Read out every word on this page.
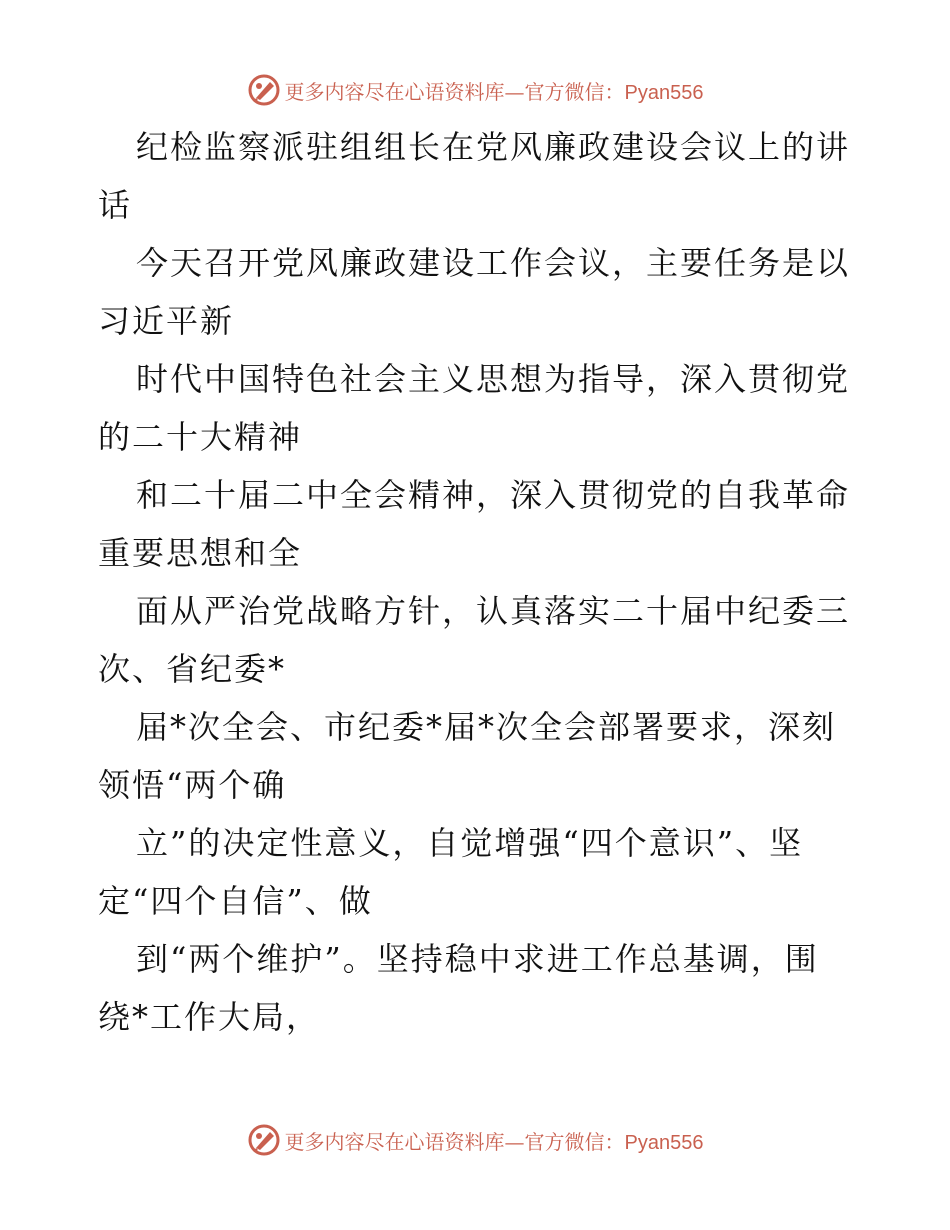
更多内容尽在心语资料库—官方微信：Pyan556
纪检监察派驻组组长在党风廉政建设会议上的讲
话
今天召开党风廉政建设工作会议，主要任务是以
习近平新
时代中国特色社会主义思想为指导，深入贯彻党
的二十大精神
和二十届二中全会精神，深入贯彻党的自我革命
重要思想和全
面从严治党战略方针，认真落实二十届中纪委三
次、省纪委*
届*次全会、市纪委*届*次全会部署要求，深刻
领悟“两个确
立”的决定性意义，自觉增强“四个意识”、坚
定“四个自信”、做
到“两个维护”。坚持稳中求进工作总基调，围
绕*工作大局，
更多内容尽在心语资料库—官方微信：Pyan556
